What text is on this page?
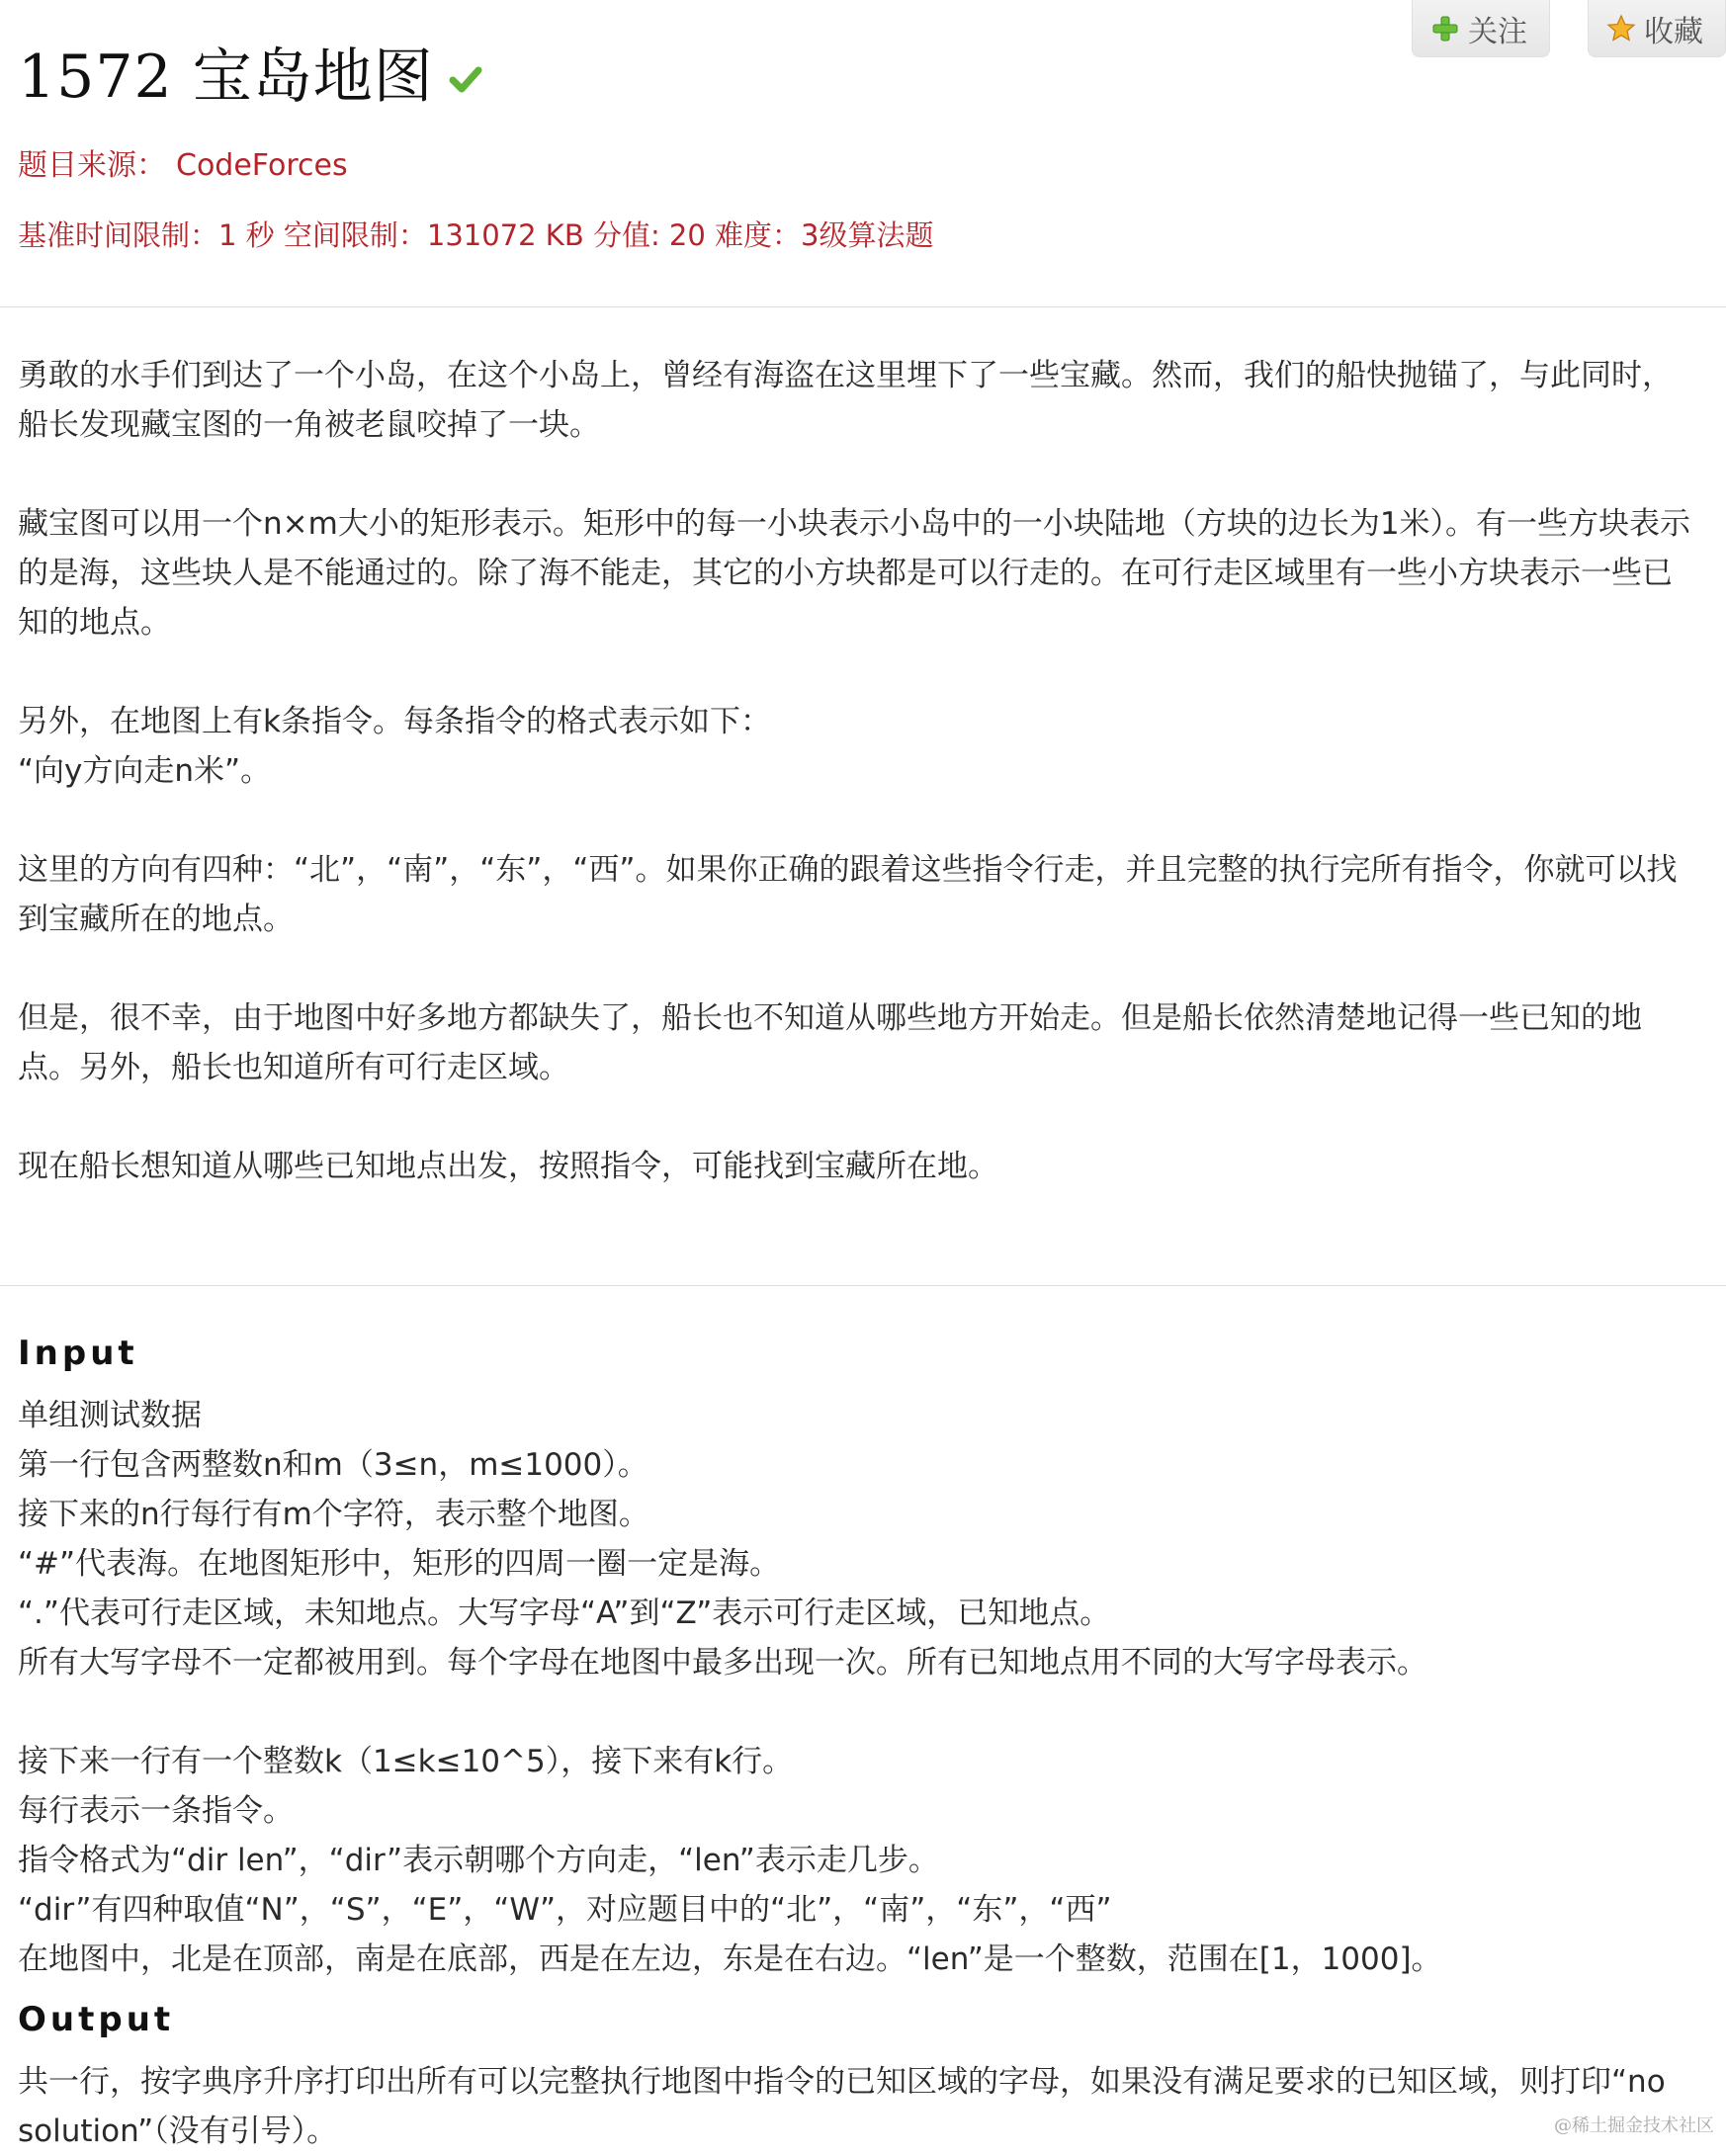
关注	收藏
1572 宝岛地图
题目来源： CodeForces
基准时间限制：1 秒 空间限制：131072 KB 分值: 20 难度：3级算法题

勇敢的水手们到达了一个小岛，在这个小岛上，曾经有海盗在这里埋下了一些宝藏。然而，我们的船快抛锚了，与此同时，船长发现藏宝图的一角被老鼠咬掉了一块。

藏宝图可以用一个n×m大小的矩形表示。矩形中的每一小块表示小岛中的一小块陆地（方块的边长为1米）。有一些方块表示的是海，这些块人是不能通过的。除了海不能走，其它的小方块都是可以行走的。在可行走区域里有一些小方块表示一些已知的地点。

另外，在地图上有k条指令。每条指令的格式表示如下：
“向y方向走n米”。

这里的方向有四种：“北”，“南”，“东”，“西”。如果你正确的跟着这些指令行走，并且完整的执行完所有指令，你就可以找到宝藏所在的地点。

但是，很不幸，由于地图中好多地方都缺失了，船长也不知道从哪些地方开始走。但是船长依然清楚地记得一些已知的地点。另外，船长也知道所有可行走区域。

现在船长想知道从哪些已知地点出发，按照指令，可能找到宝藏所在地。

Input
单组测试数据
第一行包含两整数n和m（3≤n，m≤1000）。
接下来的n行每行有m个字符，表示整个地图。
“#”代表海。在地图矩形中，矩形的四周一圈一定是海。
“.”代表可行走区域，未知地点。大写字母“A”到“Z”表示可行走区域，已知地点。
所有大写字母不一定都被用到。每个字母在地图中最多出现一次。所有已知地点用不同的大写字母表示。
接下来一行有一个整数k（1≤k≤10^5），接下来有k行。
每行表示一条指令。
指令格式为“dir len”，“dir”表示朝哪个方向走，“len”表示走几步。
“dir”有四种取值“N”，“S”，“E”，“W”，对应题目中的“北”，“南”，“东”，“西”
在地图中，北是在顶部，南是在底部，西是在左边，东是在右边。“len”是一个整数，范围在[1，1000]。
Output
共一行，按字典序升序打印出所有可以完整执行地图中指令的已知区域的字母，如果没有满足要求的已知区域，则打印“no solution”（没有引号）。	@稀土掘金技术社区
